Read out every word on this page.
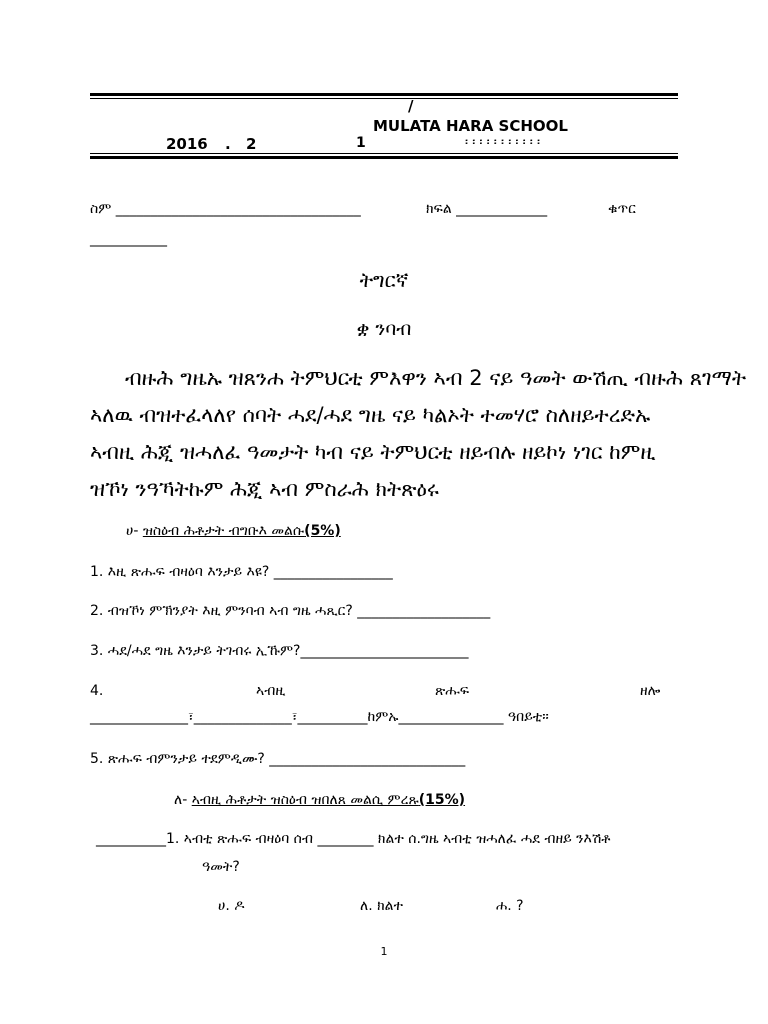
/
MULATA HARA SCHOOL
2016 . 2	1	፡ ፡ ፡ ፡ ፡ ፡ ፡ ፡ ፡ ፡ ፡
ስም ___________________________________	ክፍል _____________	ቁጥር
___________
ትግርኛ
ቋ ንባብ
ብዙሕ ግዜኡ ዝጸንሐ ትምህርቲ ምእዋን ኣብ 2 ናይ ዓመት ውሽጢ ብዙሕ ጸገማት
ኣለዉ ብዝተፈላለየ ሰባት ሓደ/ሓደ ግዜ ናይ ካልኦት ተመሃሮ ስለዘይተረድኡ
ኣብዚ ሕጂ ዝሓለፈ ዓመታት ካብ ናይ ትምህርቲ ዘይብሉ ዘይኮነ ነገር ከምዚ
ዝኾነ ንዓኻትኩም ሕጂ ኣብ ምስራሕ ክትጽዕሩ
ሀ- ዝስዕብ ሕቶታት ብግቡእ መልሱ(5%)
1. እዚ ጽሑፍ ብዛዕባ እንታይ እዩ? _________________
2. ብዝኾነ ምኽንያት እዚ ምንባብ ኣብ ግዜ ሓጺር? ___________________
3. ሓደ/ሓደ ግዜ እንታይ ትገብሩ ኢኹም?________________________
4.	ኣብዚ	ጽሑፍ	ዘሎ
______________፣______________፣__________ከምኡ_______________ ዓበይቲ።
5. ጽሑፍ ብምንታይ ተደምዲሙ? ____________________________
ለ- ኣብዚ ሕቶታት ዝስዕብ ዝበለጸ መልሲ ምረጹ(15%)
__________1. ኣብቲ ጽሑፍ ብዛዕባ ሰብ ________ ክልተ ሰ.ግዜ ኣብቲ ዝሓለፈ ሓደ ብዘይ ንእሽቶ
ዓመት?
ሀ. ዶ	ለ. ክልተ	ሐ. ?
1
